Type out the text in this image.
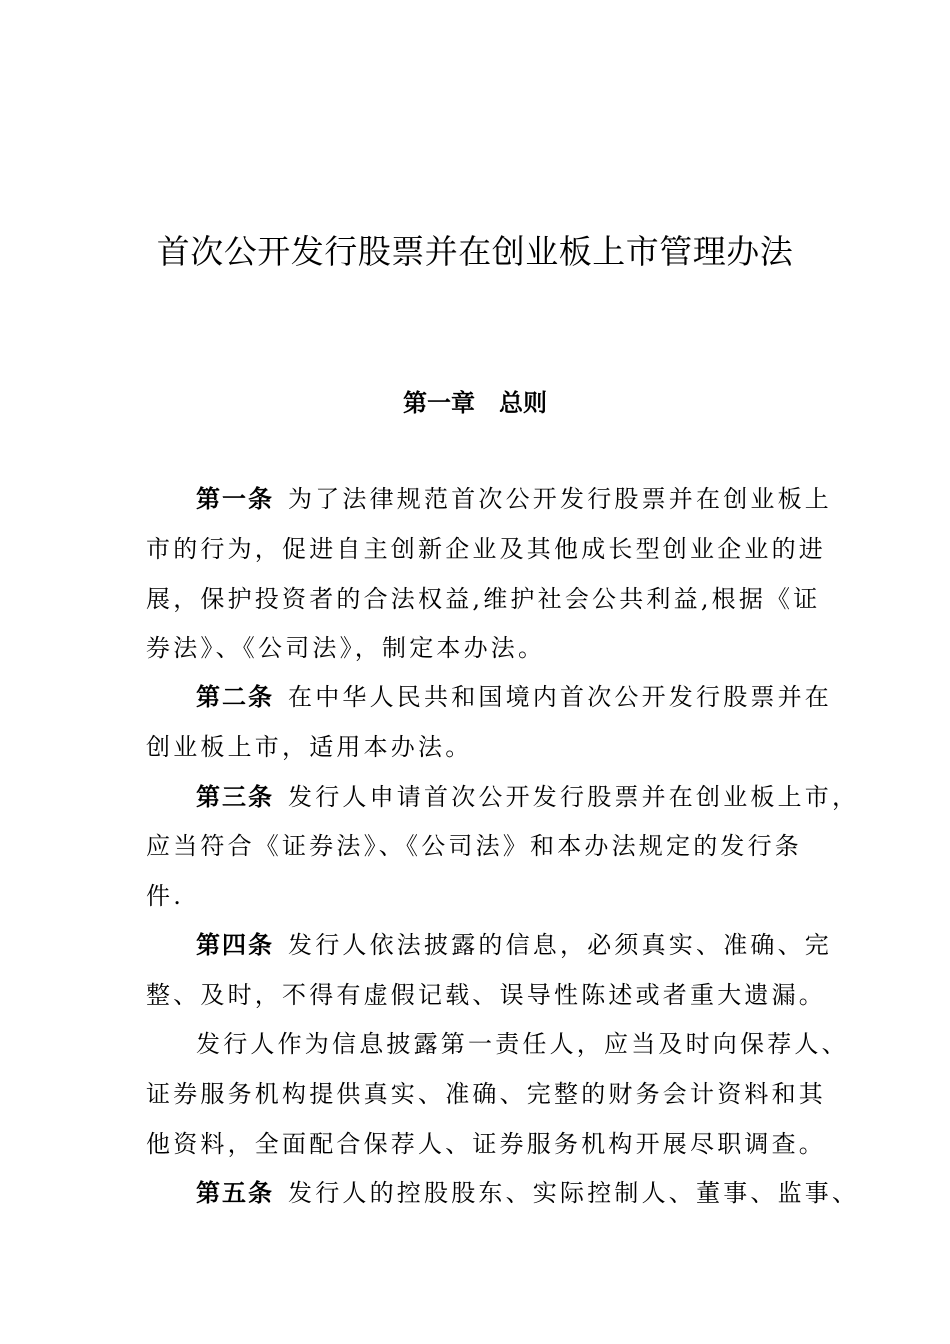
首次公开发行股票并在创业板上市管理办法
第一章　总则
第一条 为了法律规范首次公开发行股票并在创业板上
市的行为，促进自主创新企业及其他成长型创业企业的进
展，保护投资者的合法权益,维护社会公共利益,根据《证
券法》、《公司法》，制定本办法。
第二条 在中华人民共和国境内首次公开发行股票并在
创业板上市，适用本办法。
第三条 发行人申请首次公开发行股票并在创业板上市，
应当符合《证券法》、《公司法》和本办法规定的发行条
件.
第四条 发行人依法披露的信息，必须真实、准确、完
整、及时，不得有虚假记载、误导性陈述或者重大遗漏。
发行人作为信息披露第一责任人，应当及时向保荐人、
证券服务机构提供真实、准确、完整的财务会计资料和其
他资料，全面配合保荐人、证券服务机构开展尽职调查。
第五条 发行人的控股股东、实际控制人、董事、监事、
